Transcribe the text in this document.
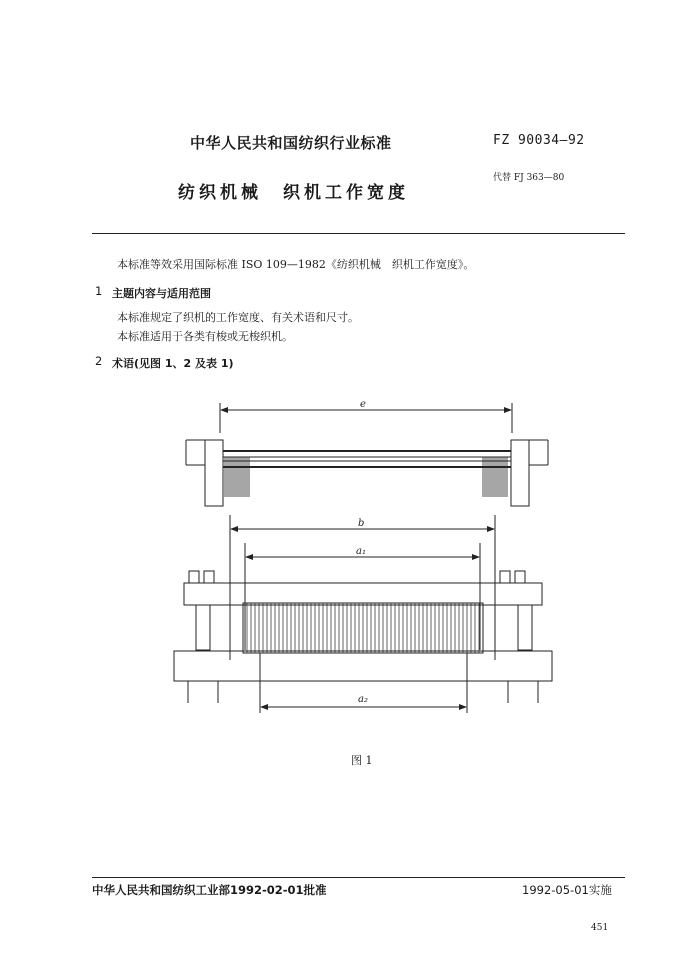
中华人民共和国纺织行业标准	FZ 90034—92
纺织机械　织机工作宽度
代替 FJ 363—80
本标准等效采用国际标准 ISO 109—1982《纺织机械　织机工作宽度》。
1 主题内容与适用范围
本标准规定了织机的工作宽度、有关术语和尺寸。
本标准适用于各类有梭或无梭织机。
2 术语(见图 1、2 及表 1)
e
b
a₁
a₂
图 1
中华人民共和国纺织工业部1992-02-01批准	1992-05-01实施
451
